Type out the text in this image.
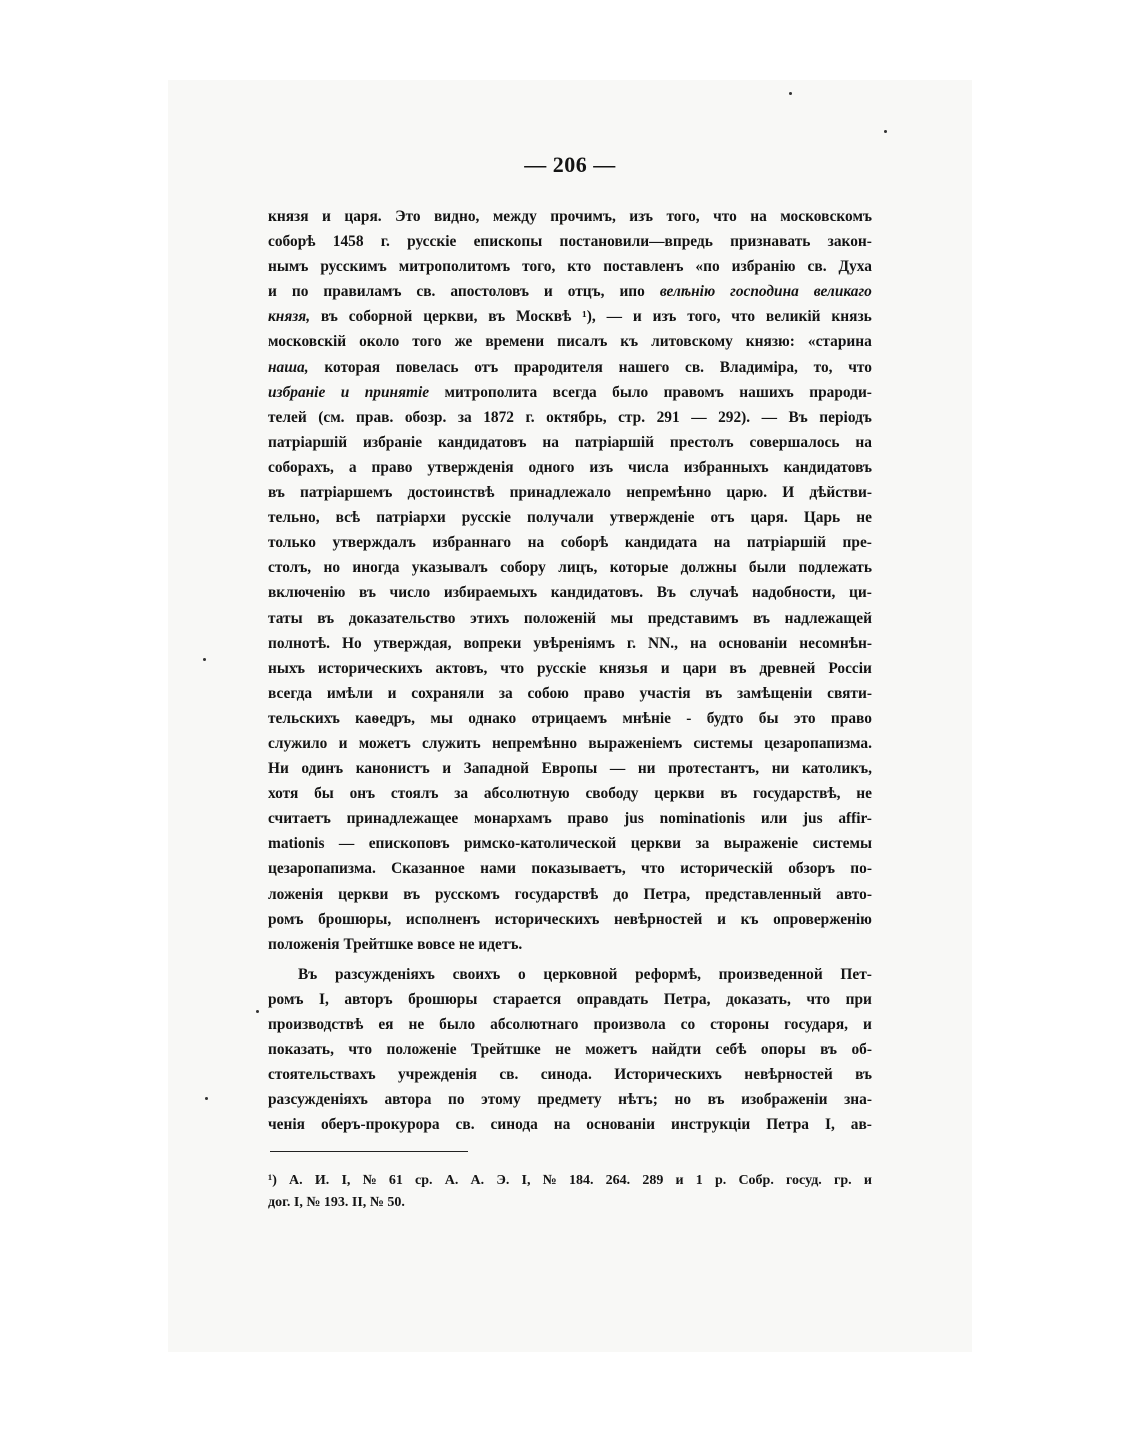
— 206 —
князя и царя. Это видно, между прочимъ, изъ того, что на московскомъ
соборѣ 1458 г. русскіе епископы постановили—впредь признавать закон-
нымъ русскимъ митрополитомъ того, кто поставленъ «по избранію св. Духа
и по правиламъ св. апостоловъ и отцъ, ипо велѣнію господина великаго
князя, въ соборной церкви, въ Москвѣ ¹), — и изъ того, что великій князь
московскій около того же времени писалъ къ литовскому князю: «старина
наша, которая повелась отъ прародителя нашего св. Владиміра, то, что
избраніе и принятіе митрополита всегда было правомъ нашихъ прароди-
телей (см. прав. обозр. за 1872 г. октябрь, стр. 291 — 292). — Въ періодъ
патріаршій избраніе кандидатовъ на патріаршій престолъ совершалось на
соборахъ, а право утвержденія одного изъ числа избранныхъ кандидатовъ
въ патріаршемъ достоинствѣ принадлежало непремѣнно царю. И дѣйстви-
тельно, всѣ патріархи русскіе получали утвержденіе отъ царя. Царь не
только утверждалъ избраннаго на соборѣ кандидата на патріаршій пре-
столъ, но иногда указывалъ собору лицъ, которые должны были подлежать
включенію въ число избираемыхъ кандидатовъ. Въ случаѣ надобности, ци-
таты въ доказательство этихъ положеній мы представимъ въ надлежащей
полнотѣ. Но утверждая, вопреки увѣреніямъ г. NN., на основаніи несомнѣн-
ныхъ историческихъ актовъ, что русскіе князья и цари въ древней Россіи
всегда имѣли и сохраняли за собою право участія въ замѣщеніи святи-
тельскихъ каѳедръ, мы однако отрицаемъ мнѣніе - будто бы это право
служило и можетъ служить непремѣнно выраженіемъ системы цезаропапизма.
Ни одинъ канонистъ и Западной Европы — ни протестантъ, ни католикъ,
хотя бы онъ стоялъ за абсолютную свободу церкви въ государствѣ, не
считаетъ принадлежащее монархамъ право jus nominationis или jus affir-
mationis — епископовъ римско-католической церкви за выраженіе системы
цезаропапизма. Сказанное нами показываетъ, что историческій обзоръ по-
ложенія церкви въ русскомъ государствѣ до Петра, представленный авто-
ромъ брошюры, исполненъ историческихъ невѣрностей и къ опроверженію
положенія
Трейтшке
вовсе
не
идетъ.

Въ разсужденіяхъ своихъ о церковной реформѣ, произведенной Пет-
ромъ I, авторъ брошюры старается оправдать Петра, доказать, что при
производствѣ ея не было абсолютнаго произвола со стороны государя, и
показать, что положеніе Трейтшке не можетъ найдти себѣ опоры въ об-
стоятельствахъ учрежденія св. синода. Историческихъ невѣрностей въ
разсужденіяхъ автора по этому предмету нѣтъ; но въ изображеніи зна-
ченія оберъ-прокурора св. синода на основаніи инструкціи Петра I, ав-
¹) А. И. I, № 61 ср. А. А. Э. I, № 184. 264. 289 и 1 р. Собр. госуд. гр. и
дог.
I,
№
193.
II,
№
50.
